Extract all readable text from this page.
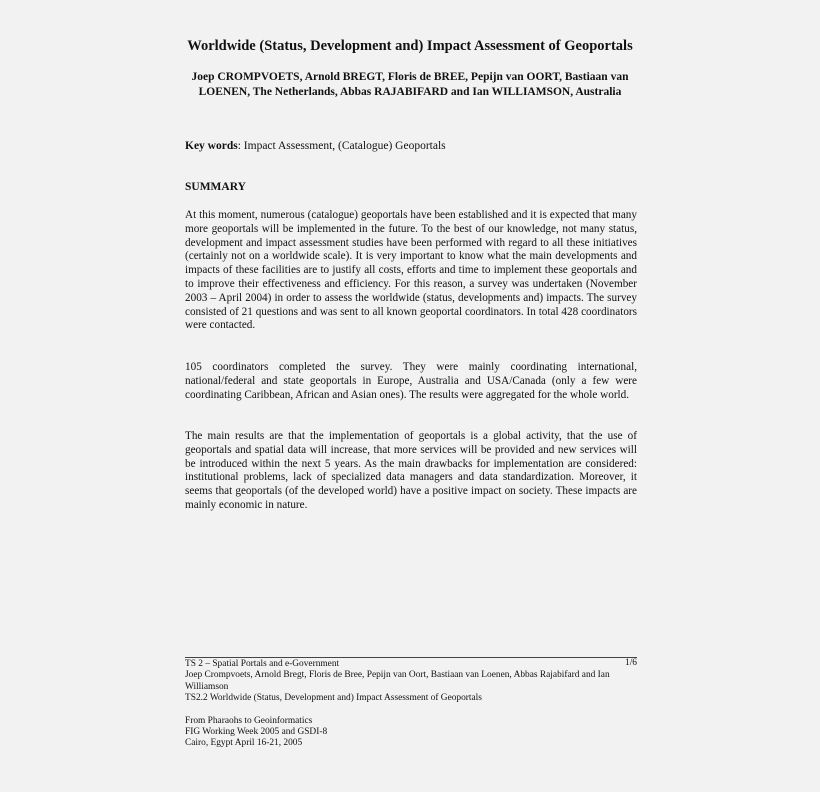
Worldwide (Status, Development and) Impact Assessment of Geoportals
Joep CROMPVOETS, Arnold BREGT, Floris de BREE, Pepijn van OORT, Bastiaan van LOENEN, The Netherlands, Abbas RAJABIFARD and Ian WILLIAMSON, Australia
Key words: Impact Assessment, (Catalogue) Geoportals
SUMMARY

At this moment, numerous (catalogue) geoportals have been established and it is expected that many more geoportals will be implemented in the future. To the best of our knowledge, not many status, development and impact assessment studies have been performed with regard to all these initiatives (certainly not on a worldwide scale). It is very important to know what the main developments and impacts of these facilities are to justify all costs, efforts and time to implement these geoportals and to improve their effectiveness and efficiency. For this reason, a survey was undertaken (November 2003 – April 2004) in order to assess the worldwide (status, developments and) impacts. The survey consisted of 21 questions and was sent to all known geoportal coordinators. In total 428 coordinators were contacted.

105 coordinators completed the survey. They were mainly coordinating international, national/federal and state geoportals in Europe, Australia and USA/Canada (only a few were coordinating Caribbean, African and Asian ones). The results were aggregated for the whole world.

The main results are that the implementation of geoportals is a global activity, that the use of geoportals and spatial data will increase, that more services will be provided and new services will be introduced within the next 5 years. As the main drawbacks for implementation are considered: institutional problems, lack of specialized data managers and data standardization. Moreover, it seems that geoportals (of the developed world) have a positive impact on society. These impacts are mainly economic in nature.

1/6
TS 2 – Spatial Portals and e-Government
Joep Crompvoets, Arnold Bregt, Floris de Bree, Pepijn van Oort, Bastiaan van Loenen, Abbas Rajabifard and Ian Williamson
TS2.2 Worldwide (Status, Development and) Impact Assessment of Geoportals
From Pharaohs to Geoinformatics
FIG Working Week 2005 and GSDI-8
Cairo, Egypt April 16-21, 2005
